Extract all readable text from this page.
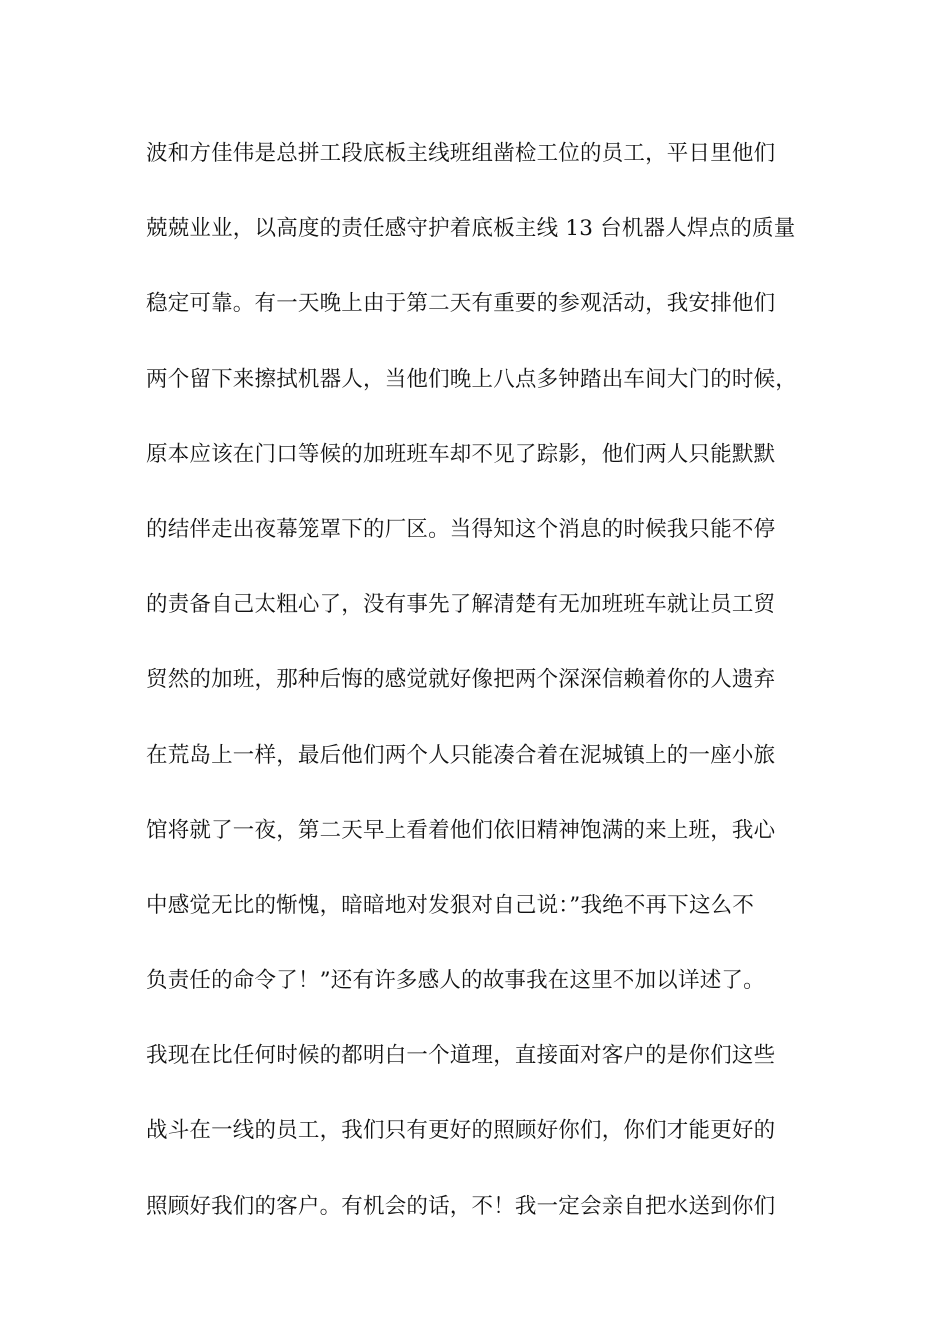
波和方佳伟是总拼工段底板主线班组凿检工位的员工，平日里他们
兢兢业业，以高度的责任感守护着底板主线 13 台机器人焊点的质量
稳定可靠。有一天晚上由于第二天有重要的参观活动，我安排他们
两个留下来擦拭机器人，当他们晚上八点多钟踏出车间大门的时候，
原本应该在门口等候的加班班车却不见了踪影，他们两人只能默默
的结伴走出夜幕笼罩下的厂区。当得知这个消息的时候我只能不停
的责备自己太粗心了，没有事先了解清楚有无加班班车就让员工贸
贸然的加班，那种后悔的感觉就好像把两个深深信赖着你的人遗弃
在荒岛上一样，最后他们两个人只能凑合着在泥城镇上的一座小旅
馆将就了一夜，第二天早上看着他们依旧精神饱满的来上班，我心
中感觉无比的惭愧，暗暗地对发狠对自己说：”我绝不再下这么不
负责任的命令了！”还有许多感人的故事我在这里不加以详述了。
我现在比任何时候的都明白一个道理，直接面对客户的是你们这些
战斗在一线的员工，我们只有更好的照顾好你们，你们才能更好的
照顾好我们的客户。有机会的话，不！我一定会亲自把水送到你们
